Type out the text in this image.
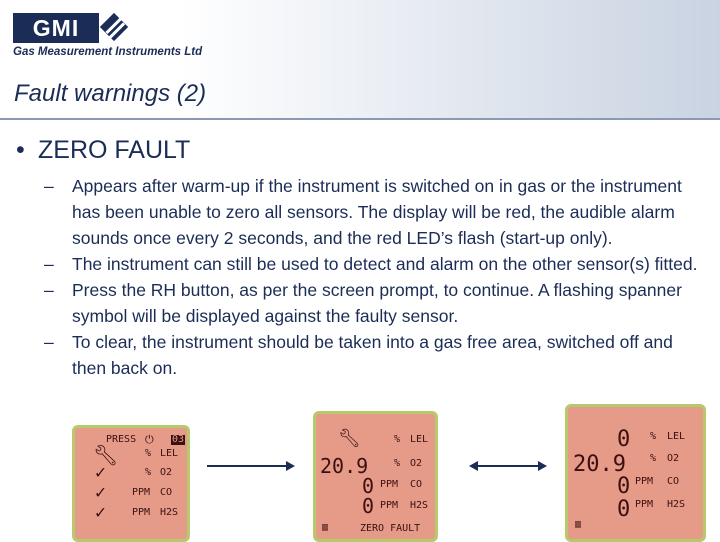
GMI
Gas Measurement Instruments Ltd
Fault warnings (2)
• ZERO FAULT
– Appears after warm-up if the instrument is switched on in gas or the instrument has been unable to zero all sensors. The display will be red, the audible alarm sounds once every 2 seconds, and the red LED’s flash (start-up only).
– The instrument can still be used to detect and alarm on the other sensor(s) fitted.
– Press the RH button, as per the screen prompt, to continue. A flashing spanner symbol will be displayed against the faulty sensor.
– To clear, the instrument should be taken into a gas free area, switched off and then back on.
PRESS ⏻ 03
🔧︎
✓
✓
✓
% LEL
% O2
PPM CO
PPM H2S
🔧︎
20.9
0
0
% LEL
% O2
PPM CO
PPM H2S
▥	ZERO FAULT
0
20.9
0
0
% LEL
% O2
PPM CO
PPM H2S
▥
